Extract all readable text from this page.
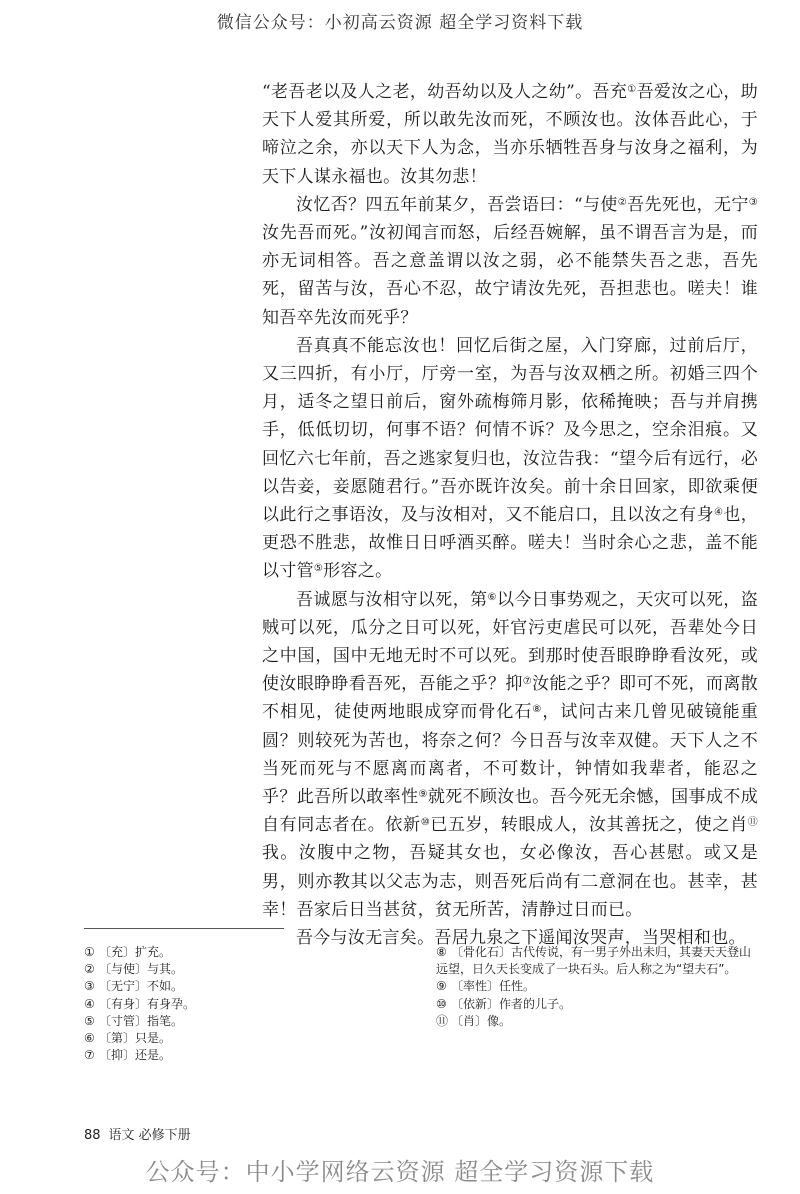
微信公众号：小初高云资源 超全学习资料下载

“老吾老以及人之老，幼吾幼以及人之幼”。吾充①吾爱汝之心，助天下人爱其所爱，所以敢先汝而死，不顾汝也。汝体吾此心，于啼泣之余，亦以天下人为念，当亦乐牺牲吾身与汝身之福利，为天下人谋永福也。汝其勿悲！

汝忆否？四五年前某夕，吾尝语曰：“与使②吾先死也，无宁③汝先吾而死。”汝初闻言而怒，后经吾婉解，虽不谓吾言为是，而亦无词相答。吾之意盖谓以汝之弱，必不能禁失吾之悲，吾先死，留苦与汝，吾心不忍，故宁请汝先死，吾担悲也。嗟夫！谁知吾卒先汝而死乎？

吾真真不能忘汝也！回忆后街之屋，入门穿廊，过前后厅，又三四折，有小厅，厅旁一室，为吾与汝双栖之所。初婚三四个月，适冬之望日前后，窗外疏梅筛月影，依稀掩映；吾与并肩携手，低低切切，何事不语？何情不诉？及今思之，空余泪痕。又回忆六七年前，吾之逃家复归也，汝泣告我：“望今后有远行，必以告妾，妾愿随君行。”吾亦既许汝矣。前十余日回家，即欲乘便以此行之事语汝，及与汝相对，又不能启口，且以汝之有身④也，更恐不胜悲，故惟日日呼酒买醉。嗟夫！当时余心之悲，盖不能以寸管⑤形容之。

吾诚愿与汝相守以死，第⑥以今日事势观之，天灾可以死，盗贼可以死，瓜分之日可以死，奸官污吏虐民可以死，吾辈处今日之中国，国中无地无时不可以死。到那时使吾眼睁睁看汝死，或使汝眼睁睁看吾死，吾能之乎？抑⑦汝能之乎？即可不死，而离散不相见，徒使两地眼成穿而骨化石⑧，试问古来几曾见破镜能重圆？则较死为苦也，将奈之何？今日吾与汝幸双健。天下人之不当死而死与不愿离而离者，不可数计，钟情如我辈者，能忍之乎？此吾所以敢率性⑨就死不顾汝也。吾今死无余憾，国事成不成自有同志者在。依新⑩已五岁，转眼成人，汝其善抚之，使之肖⑪我。汝腹中之物，吾疑其女也，女必像汝，吾心甚慰。或又是男，则亦教其以父志为志，则吾死后尚有二意洞在也。甚幸，甚幸！吾家后日当甚贫，贫无所苦，清静过日而已。

吾今与汝无言矣。吾居九泉之下遥闻汝哭声，当哭相和也。

① 〔充〕扩充。
② 〔与使〕与其。
③ 〔无宁〕不如。
④ 〔有身〕有身孕。
⑤ 〔寸管〕指笔。
⑥ 〔第〕只是。
⑦ 〔抑〕还是。
⑧ 〔骨化石〕古代传说，有一男子外出未归，其妻天天登山远望，日久天长变成了一块石头。后人称之为“望夫石”。
⑨ 〔率性〕任性。
⑩ 〔依新〕作者的儿子。
⑪ 〔肖〕像。
88 语文 必修下册
公众号：中小学网络云资源 超全学习资源下载
